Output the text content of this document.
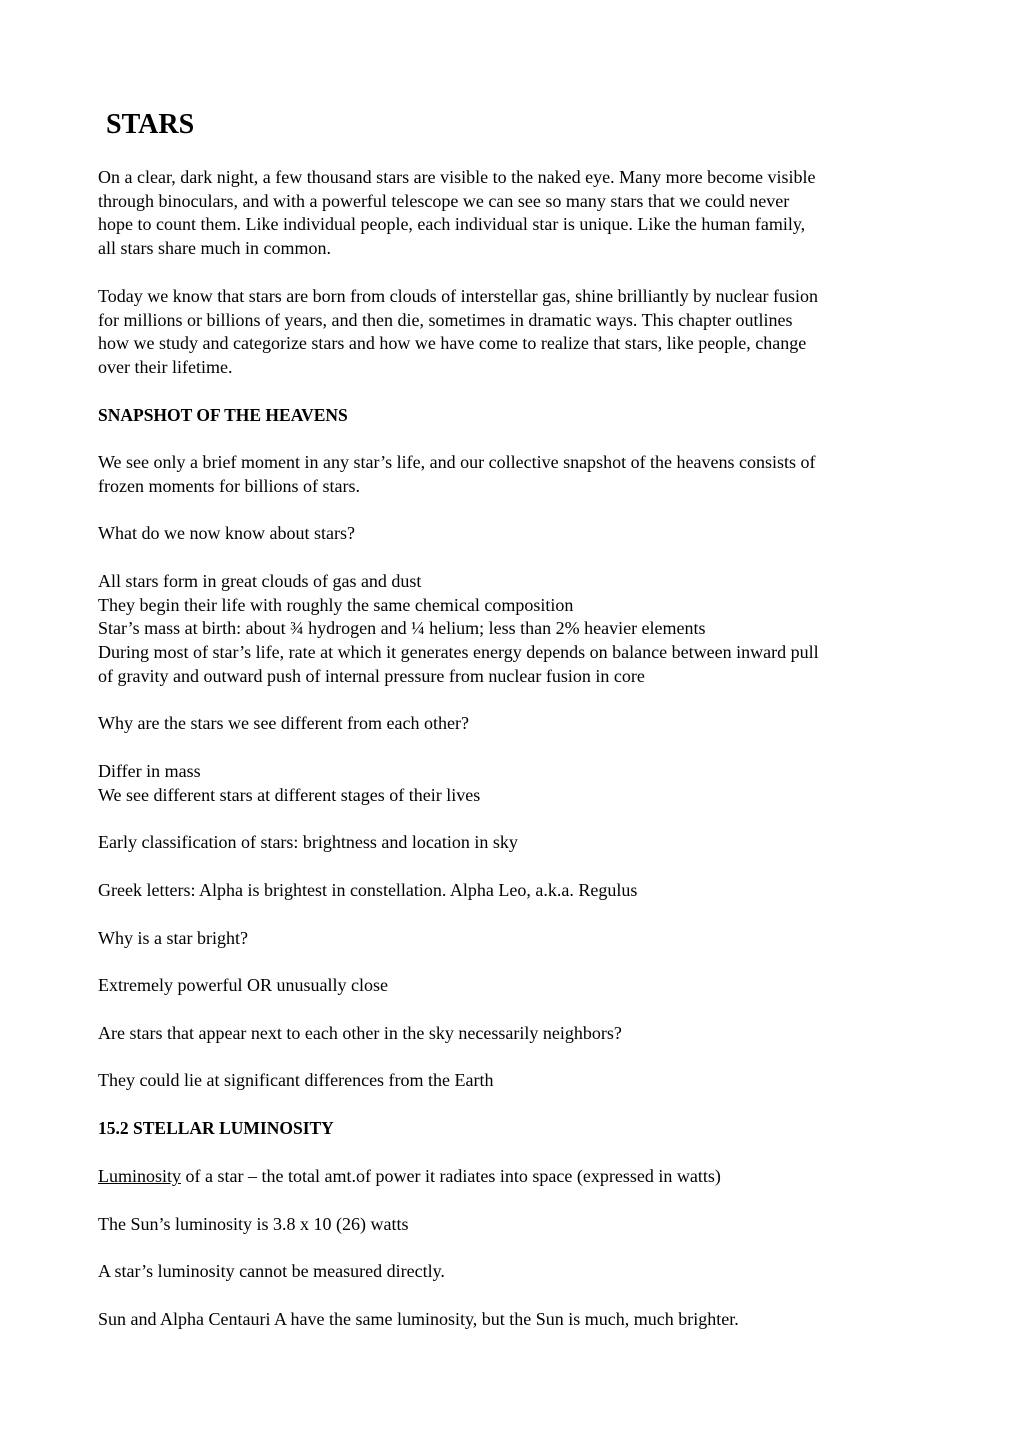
STARS

On a clear, dark night, a few thousand stars are visible to the naked eye. Many more become visible
through binoculars, and with a powerful telescope we can see so many stars that we could never
hope to count them. Like individual people, each individual star is unique. Like the human family,
all stars share much in common.

Today we know that stars are born from clouds of interstellar gas, shine brilliantly by nuclear fusion
for millions or billions of years, and then die, sometimes in dramatic ways. This chapter outlines
how we study and categorize stars and how we have come to realize that stars, like people, change
over their lifetime.

SNAPSHOT OF THE HEAVENS

We see only a brief moment in any star’s life, and our collective snapshot of the heavens consists of
frozen moments for billions of stars.

What do we now know about stars?

All stars form in great clouds of gas and dust
They begin their life with roughly the same chemical composition
Star’s mass at birth: about ¾ hydrogen and ¼ helium; less than 2% heavier elements
During most of star’s life, rate at which it generates energy depends on balance between inward pull
of gravity and outward push of internal pressure from nuclear fusion in core

Why are the stars we see different from each other?

Differ in mass
We see different stars at different stages of their lives

Early classification of stars: brightness and location in sky

Greek letters: Alpha is brightest in constellation. Alpha Leo, a.k.a. Regulus

Why is a star bright?

Extremely powerful OR unusually close

Are stars that appear next to each other in the sky necessarily neighbors?

They could lie at significant differences from the Earth

15.2 STELLAR LUMINOSITY

Luminosity of a star – the total amt.of power it radiates into space (expressed in watts)

The Sun’s luminosity is 3.8 x 10 (26) watts

A star’s luminosity cannot be measured directly.

Sun and Alpha Centauri A have the same luminosity, but the Sun is much, much brighter.
